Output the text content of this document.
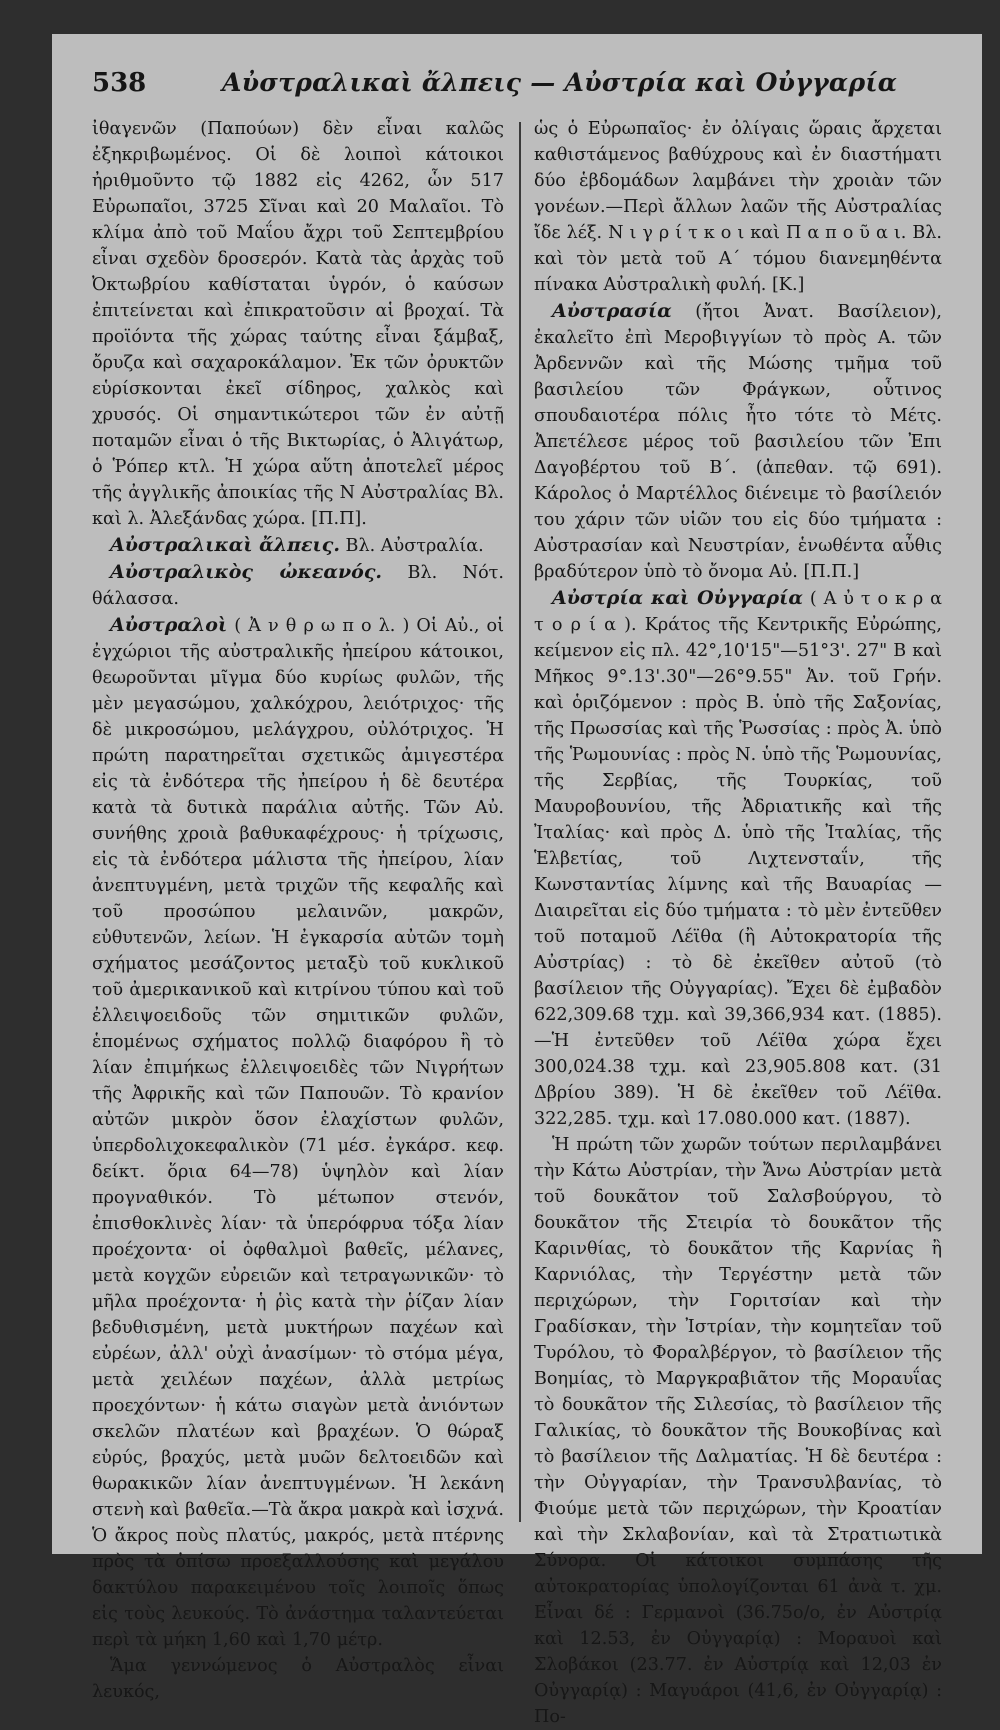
538	Αὐστραλικαὶ ἄλπεις — Αὐστρία καὶ Οὐγγαρία

ἰθαγενῶν (Παπούων) δὲν εἶναι καλῶς ἐξηκριβωμένος. Οἱ δὲ λοιποὶ κάτοικοι ἠριθμοῦντο τῷ 1882 εἰς 4262, ὧν 517 Εὐρωπαῖοι, 3725 Σῖναι καὶ 20 Μαλαῖοι. Τὸ κλίμα ἀπὸ τοῦ Μαΐου ἄχρι τοῦ Σεπτεμβρίου εἶναι σχεδὸν δροσερόν. Κατὰ τὰς ἀρχὰς τοῦ Ὀκτωβρίου καθίσταται ὑγρόν, ὁ καύσων ἐπιτείνεται καὶ ἐπικρατοῦσιν αἱ βροχαί. Τὰ προϊόντα τῆς χώρας ταύτης εἶναι ξάμβαξ, ὄρυζα καὶ σαχαροκάλαμον. Ἐκ τῶν ὀρυκτῶν εὑρίσκονται ἐκεῖ σίδηρος, χαλκὸς καὶ χρυσός. Οἱ σημαντικώτεροι τῶν ἐν αὐτῇ ποταμῶν εἶναι ὁ τῆς Βικτωρίας, ὁ Ἀλιγάτωρ, ὁ Ῥόπερ κτλ. Ἡ χώρα αὕτη ἀποτελεῖ μέρος τῆς ἀγγλικῆς ἀποικίας τῆς Ν Αὐστραλίας Βλ. καὶ λ. Ἀλεξάνδας χώρα. [Π.Π].

Αὐστραλικαὶ ἄλπεις. Βλ. Αὐστραλία.

Αὐστραλικὸς ὠκεανός. Βλ. Νότ. θάλασσα.

Αὐστραλοὶ ( Ἀ ν θ ρ ω π ο λ. ) Οἱ Αὐ., οἱ ἐγχώριοι τῆς αὐστραλικῆς ἠπείρου κάτοικοι, θεωροῦνται μῖγμα δύο κυρίως φυλῶν, τῆς μὲν μεγασώμου, χαλκόχρου, λειότριχος· τῆς δὲ μικροσώμου, μελάγχρου, οὐλότριχος. Ἡ πρώτη παρατηρεῖται σχετικῶς ἀμιγεστέρα εἰς τὰ ἐνδότερα τῆς ἠπείρου ἡ δὲ δευτέρα κατὰ τὰ δυτικὰ παράλια αὐτῆς. Τῶν Αὐ. συνήθης χροιὰ βαθυκαφέχρους· ἡ τρίχωσις, εἰς τὰ ἐνδότερα μάλιστα τῆς ἠπείρου, λίαν ἀνεπτυγμένη, μετὰ τριχῶν τῆς κεφαλῆς καὶ τοῦ προσώπου μελαινῶν, μακρῶν, εὐθυτενῶν, λείων. Ἡ ἐγκαρσία αὐτῶν τομὴ σχήματος μεσάζοντος μεταξὺ τοῦ κυκλικοῦ τοῦ ἀμερικανικοῦ καὶ κιτρίνου τύπου καὶ τοῦ ἐλλειψοειδοῦς τῶν σημιτικῶν φυλῶν, ἑπομένως σχήματος πολλῷ διαφόρου ἢ τὸ λίαν ἐπιμήκως ἐλλειψοειδὲς τῶν Νιγρήτων τῆς Ἀφρικῆς καὶ τῶν Παπουῶν. Τὸ κρανίον αὐτῶν μικρὸν ὅσον ἐλαχίστων φυλῶν, ὑπερδολιχοκεφαλικὸν (71 μέσ. ἐγκάρσ. κεφ. δείκτ. ὅρια 64—78) ὑψηλὸν καὶ λίαν προγναθικόν. Τὸ μέτωπον στενόν, ἐπισθοκλινὲς λίαν· τὰ ὑπερόφρυα τόξα λίαν προέχοντα· οἱ ὀφθαλμοὶ βαθεῖς, μέλανες, μετὰ κογχῶν εὐρειῶν καὶ τετραγωνικῶν· τὸ μῆλα προέχοντα· ἡ ῥὶς κατὰ τὴν ῥίζαν λίαν βεδυθισμένη, μετὰ μυκτήρων παχέων καὶ εὐρέων, ἀλλ' οὐχὶ ἀνασίμων· τὸ στόμα μέγα, μετὰ χειλέων παχέων, ἀλλὰ μετρίως προεχόντων· ἡ κάτω σιαγὼν μετὰ ἀνιόντων σκελῶν πλατέων καὶ βραχέων. Ὁ θώραξ εὐρύς, βραχύς, μετὰ μυῶν δελτοειδῶν καὶ θωρακικῶν λίαν ἀνεπτυγμένων. Ἡ λεκάνη στενὴ καὶ βαθεῖα.—Τὰ ἄκρα μακρὰ καὶ ἰσχνά. Ὁ ἄκρος ποὺς πλατύς, μακρός, μετὰ πτέρνης πρὸς τὰ ὀπίσω προεξαλλούσης καὶ μεγάλου δακτύλου παρακειμένου τοῖς λοιποῖς ὅπως εἰς τοὺς λευκούς. Τὸ ἀνάστημα ταλαντεύεται περὶ τὰ μήκη 1,60 καὶ 1,70 μέτρ.

Ἅμα γεννώμενος ὁ Αὐστραλὸς εἶναι λευκός,

ὡς ὁ Εὐρωπαῖος· ἐν ὀλίγαις ὥραις ἄρχεται καθιστάμενος βαθύχρους καὶ ἐν διαστήματι δύο ἑβδομάδων λαμβάνει τὴν χροιὰν τῶν γονέων.—Περὶ ἄλλων λαῶν τῆς Αὐστραλίας ἴδε λέξ. Ν ι γ ρ ί τ κ ο ι καὶ Π α π ο ῦ α ι. Βλ. καὶ τὸν μετὰ τοῦ Α΄ τόμου διανεμηθέντα πίνακα Αὐστραλικὴ φυλή. [Κ.]

Αὐστρασία (ἤτοι Ἀνατ. Βασίλειον), ἐκαλεῖτο ἐπὶ Μεροβιγγίων τὸ πρὸς Α. τῶν Ἀρδεννῶν καὶ τῆς Μώσης τμῆμα τοῦ βασιλείου τῶν Φράγκων, οὗτινος σπουδαιοτέρα πόλις ἦτο τότε τὸ Μέτς. Ἀπετέλεσε μέρος τοῦ βασιλείου τῶν Ἐπι Δαγοβέρτου τοῦ Β΄. (ἀπεθαν. τῷ 691). Κάρολος ὁ Μαρτέλλος διένειμε τὸ βασίλειόν του χάριν τῶν υἱῶν του εἰς δύο τμήματα : Αὐστρασίαν καὶ Νευστρίαν, ἑνωθέντα αὖθις βραδύτερον ὑπὸ τὸ ὄνομα Αὐ. [Π.Π.]

Αὐστρία καὶ Οὐγγαρία ( Α ὐ τ ο κ ρ α τ ο ρ ί α ). Κράτος τῆς Κεντρικῆς Εὐρώπης, κείμενον εἰς πλ. 42°,10'15"—51°3'. 27" Β καὶ Μῆκος 9°.13'.30"—26°9.55" Ἀν. τοῦ Γρήν. καὶ ὁριζόμενον : πρὸς Β. ὑπὸ τῆς Σαξονίας, τῆς Πρωσσίας καὶ τῆς Ῥωσσίας : πρὸς Ἀ. ὑπὸ τῆς Ῥωμουνίας : πρὸς Ν. ὑπὸ τῆς Ῥωμουνίας, τῆς Σερβίας, τῆς Τουρκίας, τοῦ Μαυροβουνίου, τῆς Ἀδριατικῆς καὶ τῆς Ἰταλίας· καὶ πρὸς Δ. ὑπὸ τῆς Ἰταλίας, τῆς Ἑλβετίας, τοῦ Λιχτενσταΐν, τῆς Κωνσταντίας λίμνης καὶ τῆς Βαυαρίας —Διαιρεῖται εἰς δύο τμήματα : τὸ μὲν ἐντεῦθεν τοῦ ποταμοῦ Λέϊθα (ἢ Αὐτοκρατορία τῆς Αὐστρίας) : τὸ δὲ ἐκεῖθεν αὐτοῦ (τὸ βασίλειον τῆς Οὐγγαρίας). Ἔχει δὲ ἐμβαδὸν 622,309.68 τχμ. καὶ 39,366,934 κατ. (1885).—Ἡ ἐντεῦθεν τοῦ Λέϊθα χώρα ἔχει 300,024.38 τχμ. καὶ 23,905.808 κατ. (31 Δβρίου 389). Ἡ δὲ ἐκεῖθεν τοῦ Λέϊθα. 322,285. τχμ. καὶ 17.080.000 κατ. (1887).

Ἡ πρώτη τῶν χωρῶν τούτων περιλαμβάνει τὴν Κάτω Αὐστρίαν, τὴν Ἄνω Αὐστρίαν μετὰ τοῦ δουκᾶτον τοῦ Σαλσβούργου, τὸ δουκᾶτον τῆς Στειρία τὸ δουκᾶτον τῆς Καρινθίας, τὸ δουκᾶτον τῆς Καρνίας ἢ Καρνιόλας, τὴν Τεργέστην μετὰ τῶν περιχώρων, τὴν Γοριτσίαν καὶ τὴν Γραδίσκαν, τὴν Ἰστρίαν, τὴν κομητεῖαν τοῦ Τυρόλου, τὸ Φοραλβέργον, τὸ βασίλειον τῆς Βοημίας, τὸ Μαργκραβιᾶτον τῆς Μοραυΐας τὸ δουκᾶτον τῆς Σιλεσίας, τὸ βασίλειον τῆς Γαλικίας, τὸ δουκᾶτον τῆς Βουκοβίνας καὶ τὸ βασίλειον τῆς Δαλματίας. Ἡ δὲ δευτέρα : τὴν Οὐγγαρίαν, τὴν Τρανσυλβανίας, τὸ Φιούμε μετὰ τῶν περιχώρων, τὴν Κροατίαν καὶ τὴν Σκλαβονίαν, καὶ τὰ Στρατιωτικὰ Σύνορα. Οἱ κάτοικοι συμπάσης τῆς αὐτοκρατορίας ὑπολογίζονται 61 ἀνὰ τ. χμ. Εἶναι δέ : Γερμανοὶ (36.75ο/ο, ἐν Αὐστρίᾳ καὶ 12.53, ἐν Οὐγγαρίᾳ) : Μοραυοὶ καὶ Σλοβάκοι (23.77. ἐν Αὐστρίᾳ καὶ 12,03 ἐν Οὐγγαρίᾳ) : Μαγυάροι (41,6, ἐν Οὐγγαρίᾳ) : Πο-
